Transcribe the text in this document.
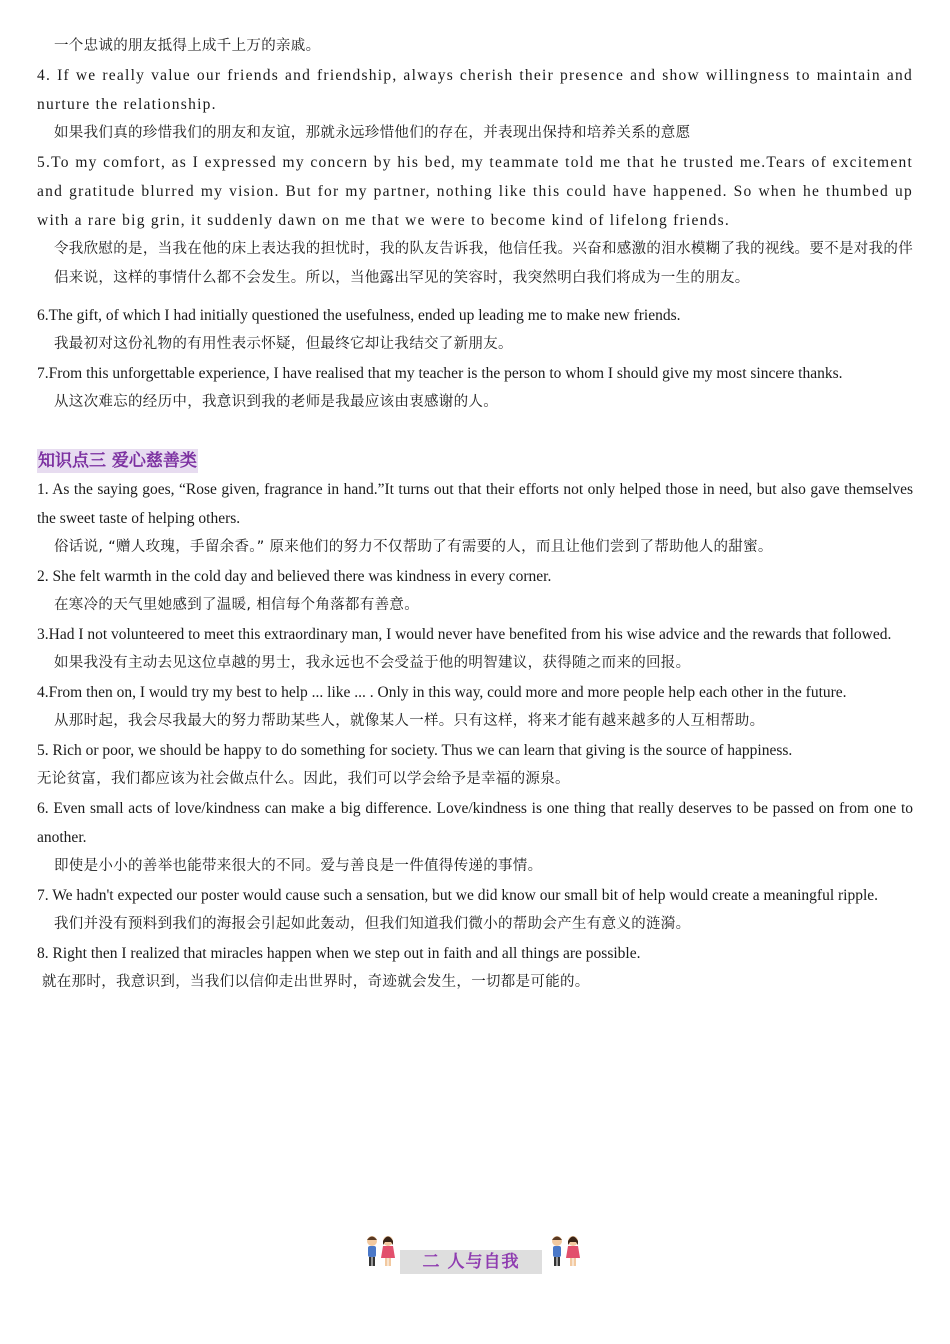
一个忠诚的朋友抵得上成千上万的亲戚。

4. If we really value our friends and friendship, always cherish their presence and show willingness to maintain and nurture the relationship.

如果我们真的珍惜我们的朋友和友谊，那就永远珍惜他们的存在，并表现出保持和培养关系的意愿

5.To my comfort, as I expressed my concern by his bed, my teammate told me that he trusted me.Tears of excitement and gratitude blurred my vision. But for my partner, nothing like this could have happened. So when he thumbed up with a rare big grin, it suddenly dawn on me that we were to become kind of lifelong friends.

令我欣慰的是，当我在他的床上表达我的担忧时，我的队友告诉我，他信任我。兴奋和感激的泪水模糊了我的视线。要不是对我的伴侣来说，这样的事情什么都不会发生。所以，当他露出罕见的笑容时，我突然明白我们将成为一生的朋友。

6.The gift, of which I had initially questioned the usefulness, ended up leading me to make new friends.

我最初对这份礼物的有用性表示怀疑，但最终它却让我结交了新朋友。

7.From this unforgettable experience, I have realised that my teacher is the person to whom I should give my most sincere thanks.

从这次难忘的经历中，我意识到我的老师是我最应该由衷感谢的人。

知识点三 爱心慈善类

1. As the saying goes, “Rose given, fragrance in hand.”It turns out that their efforts not only helped those in need, but also gave themselves the sweet taste of helping others.

俗话说, “赠人玫瑰，手留余香。” 原来他们的努力不仅帮助了有需要的人，而且让他们尝到了帮助他人的甜蜜。

2. She felt warmth in the cold day and believed there was kindness in every corner.

在寒冷的天气里她感到了温暖, 相信每个角落都有善意。

3.Had I not volunteered to meet this extraordinary man, I would never have benefited from his wise advice and the rewards that followed.

如果我没有主动去见这位卓越的男士，我永远也不会受益于他的明智建议，获得随之而来的回报。

4.From then on, I would try my best to help ... like ... . Only in this way, could more and more people help each other in the future.

从那时起，我会尽我最大的努力帮助某些人，就像某人一样。只有这样，将来才能有越来越多的人互相帮助。

5. Rich or poor, we should be happy to do something for society. Thus we can learn that giving is the source of happiness.

无论贫富，我们都应该为社会做点什么。因此，我们可以学会给予是幸福的源泉。

6. Even small acts of love/kindness can make a big difference. Love/kindness is one thing that really deserves to be passed on from one to another.

即使是小小的善举也能带来很大的不同。爱与善良是一件值得传递的事情。

7. We hadn't expected our poster would cause such a sensation, but we did know our small bit of help would create a meaningful ripple.

我们并没有预料到我们的海报会引起如此轰动，但我们知道我们微小的帮助会产生有意义的涟漪。

8. Right then I realized that miracles happen when we step out in faith and all things are possible.

就在那时，我意识到，当我们以信仰走出世界时，奇迹就会发生，一切都是可能的。

二 人与自我
